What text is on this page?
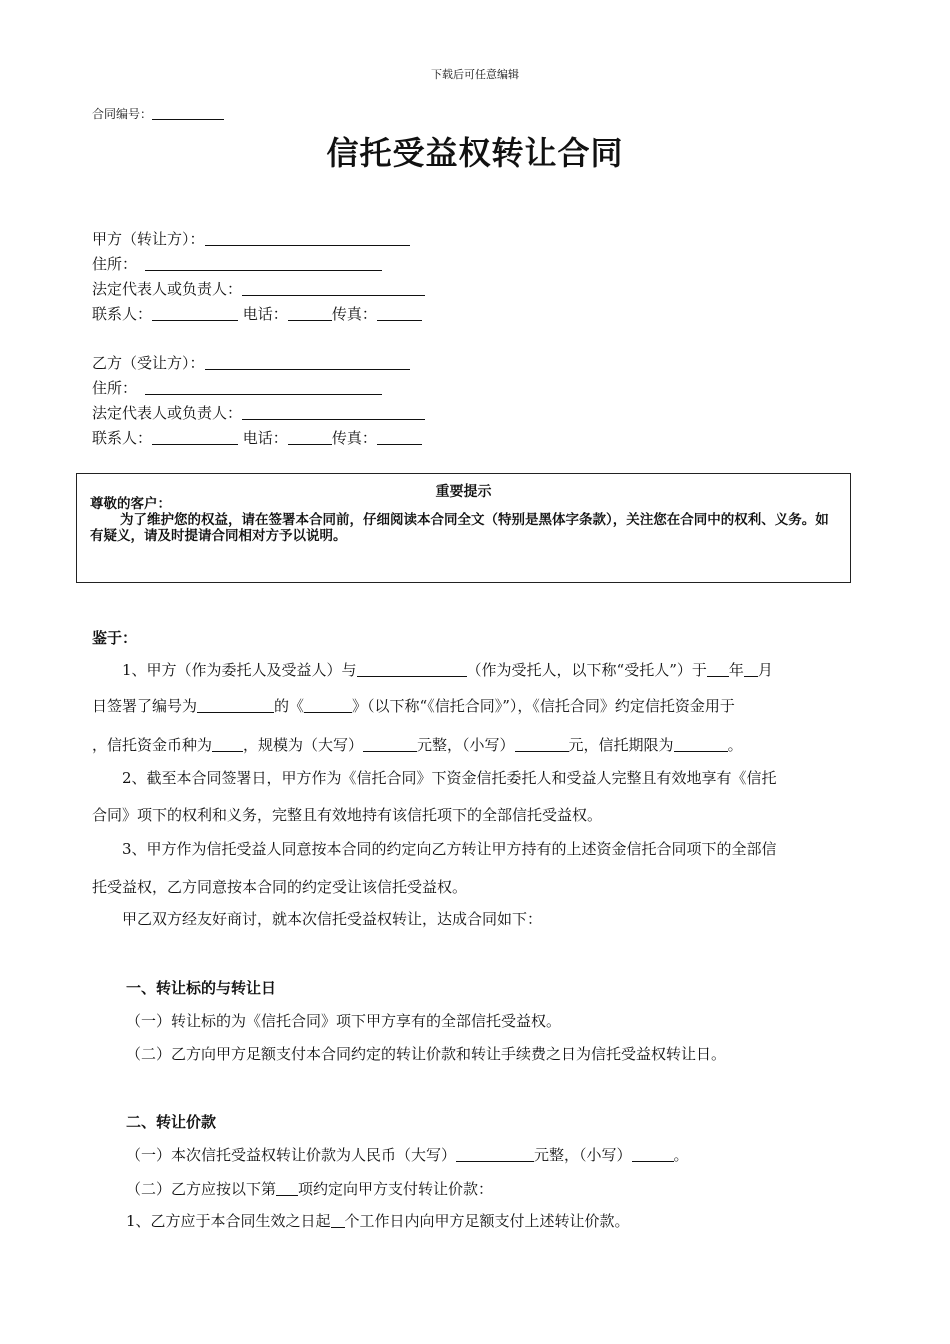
下载后可任意编辑
合同编号：
信托受益权转让合同
甲方（转让方）：
住所：
法定代表人或负责人：
联系人：	电话：	传真：
乙方（受让方）：
住所：
法定代表人或负责人：
联系人：	电话：	传真：
重要提示
尊敬的客户：
为了维护您的权益，请在签署本合同前，仔细阅读本合同全文（特别是黑体字条款），关注您在合同中的权利、义务。如有疑义，请及时提请合同相对方予以说明。
鉴于：
1、甲方（作为委托人及受益人）与	（作为受托人，以下称“受托人”）于 年 月
日签署了编号为	的《	》（以下称“《信托合同》”），《信托合同》约定信托资金用于
，信托资金币种为 ，规模为（大写）	元整，（小写）	元，信托期限为	。
2、截至本合同签署日，甲方作为《信托合同》下资金信托委托人和受益人完整且有效地享有《信托
合同》项下的权利和义务，完整且有效地持有该信托项下的全部信托受益权。
3、甲方作为信托受益人同意按本合同的约定向乙方转让甲方持有的上述资金信托合同项下的全部信
托受益权，乙方同意按本合同的约定受让该信托受益权。
甲乙双方经友好商讨，就本次信托受益权转让，达成合同如下：
一、转让标的与转让日
（一）转让标的为《信托合同》项下甲方享有的全部信托受益权。
（二）乙方向甲方足额支付本合同约定的转让价款和转让手续费之日为信托受益权转让日。
二、转让价款
（一）本次信托受益权转让价款为人民币（大写）	元整，（小写）	。
（二）乙方应按以下第 项约定向甲方支付转让价款：
1、乙方应于本合同生效之日起 个工作日内向甲方足额支付上述转让价款。
